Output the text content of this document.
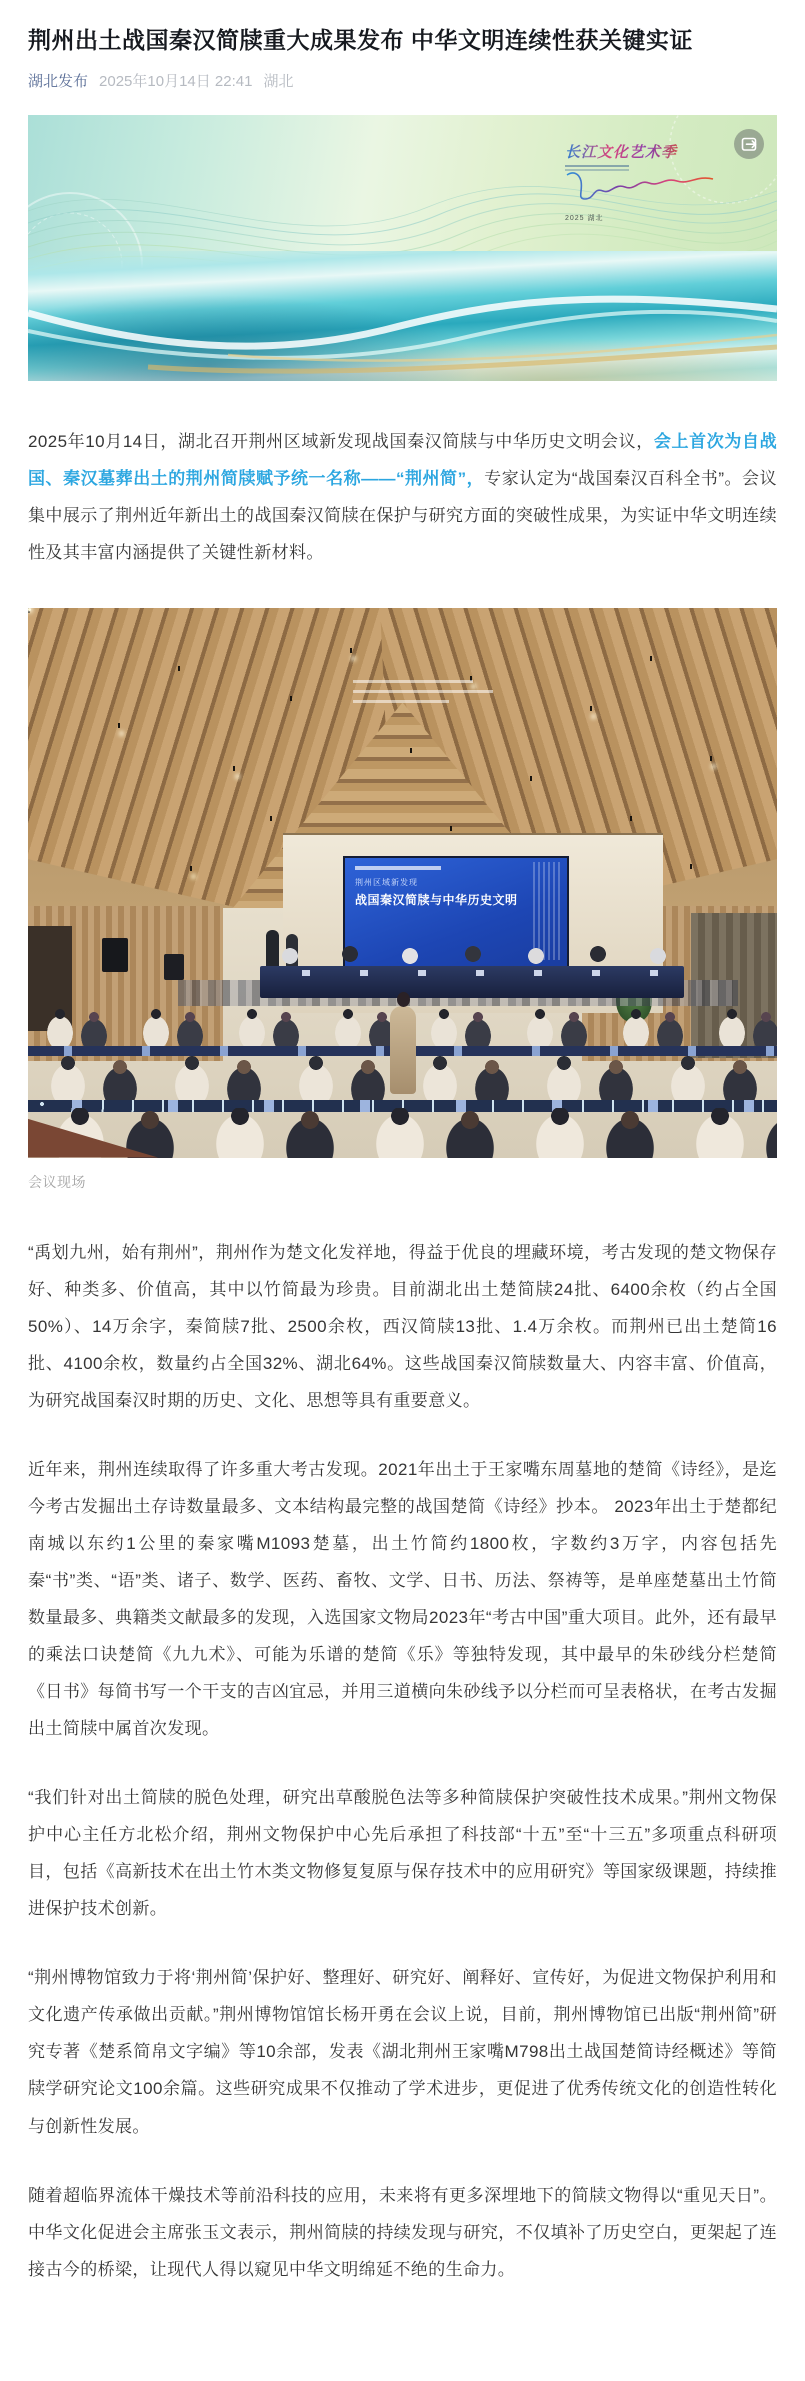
荆州出土战国秦汉简牍重大成果发布 中华文明连续性获关键实证
湖北发布 2025年10月14日 22:41 湖北
长江文化艺术季
2025 湖北

2025年10月14日，湖北召开荆州区域新发现战国秦汉简牍与中华历史文明会议，会上首次为自战国、秦汉墓葬出土的荆州简牍赋予统一名称——“荆州简”，专家认定为“战国秦汉百科全书”。会议集中展示了荆州近年新出土的战国秦汉简牍在保护与研究方面的突破性成果，为实证中华文明连续性及其丰富内涵提供了关键性新材料。

荆州区域新发现
战国秦汉简牍与中华历史文明
会议现场

“禹划九州，始有荆州”，荆州作为楚文化发祥地，得益于优良的埋藏环境，考古发现的楚文物保存好、种类多、价值高，其中以竹简最为珍贵。目前湖北出土楚简牍24批、6400余枚（约占全国50%）、14万余字，秦简牍7批、2500余枚，西汉简牍13批、1.4万余枚。而荆州已出土楚简16批、4100余枚，数量约占全国32%、湖北64%。这些战国秦汉简牍数量大、内容丰富、价值高，为研究战国秦汉时期的历史、文化、思想等具有重要意义。

近年来，荆州连续取得了许多重大考古发现。2021年出土于王家嘴东周墓地的楚简《诗经》，是迄今考古发掘出土存诗数量最多、文本结构最完整的战国楚简《诗经》抄本。 2023年出土于楚都纪南城以东约1公里的秦家嘴M1093楚墓，出土竹简约1800枚，字数约3万字，内容包括先秦“书”类、“语”类、诸子、数学、医药、畜牧、文学、日书、历法、祭祷等，是单座楚墓出土竹简数量最多、典籍类文献最多的发现，入选国家文物局2023年“考古中国”重大项目。此外，还有最早的乘法口诀楚简《九九术》、可能为乐谱的楚简《乐》等独特发现，其中最早的朱砂线分栏楚简《日书》每简书写一个干支的吉凶宜忌，并用三道横向朱砂线予以分栏而可呈表格状，在考古发掘出土简牍中属首次发现。

“我们针对出土简牍的脱色处理，研究出草酸脱色法等多种简牍保护突破性技术成果。”荆州文物保护中心主任方北松介绍，荆州文物保护中心先后承担了科技部“十五”至“十三五”多项重点科研项目，包括《高新技术在出土竹木类文物修复复原与保存技术中的应用研究》等国家级课题，持续推进保护技术创新。

“荆州博物馆致力于将‘荆州简’保护好、整理好、研究好、阐释好、宣传好，为促进文物保护利用和文化遗产传承做出贡献。”荆州博物馆馆长杨开勇在会议上说，目前，荆州博物馆已出版“荆州简”研究专著《楚系简帛文字编》等10余部，发表《湖北荆州王家嘴M798出土战国楚简诗经概述》等简牍学研究论文100余篇。这些研究成果不仅推动了学术进步，更促进了优秀传统文化的创造性转化与创新性发展。

随着超临界流体干燥技术等前沿科技的应用，未来将有更多深埋地下的简牍文物得以“重见天日”。中华文化促进会主席张玉文表示，荆州简牍的持续发现与研究，不仅填补了历史空白，更架起了连接古今的桥梁，让现代人得以窥见中华文明绵延不绝的生命力。
